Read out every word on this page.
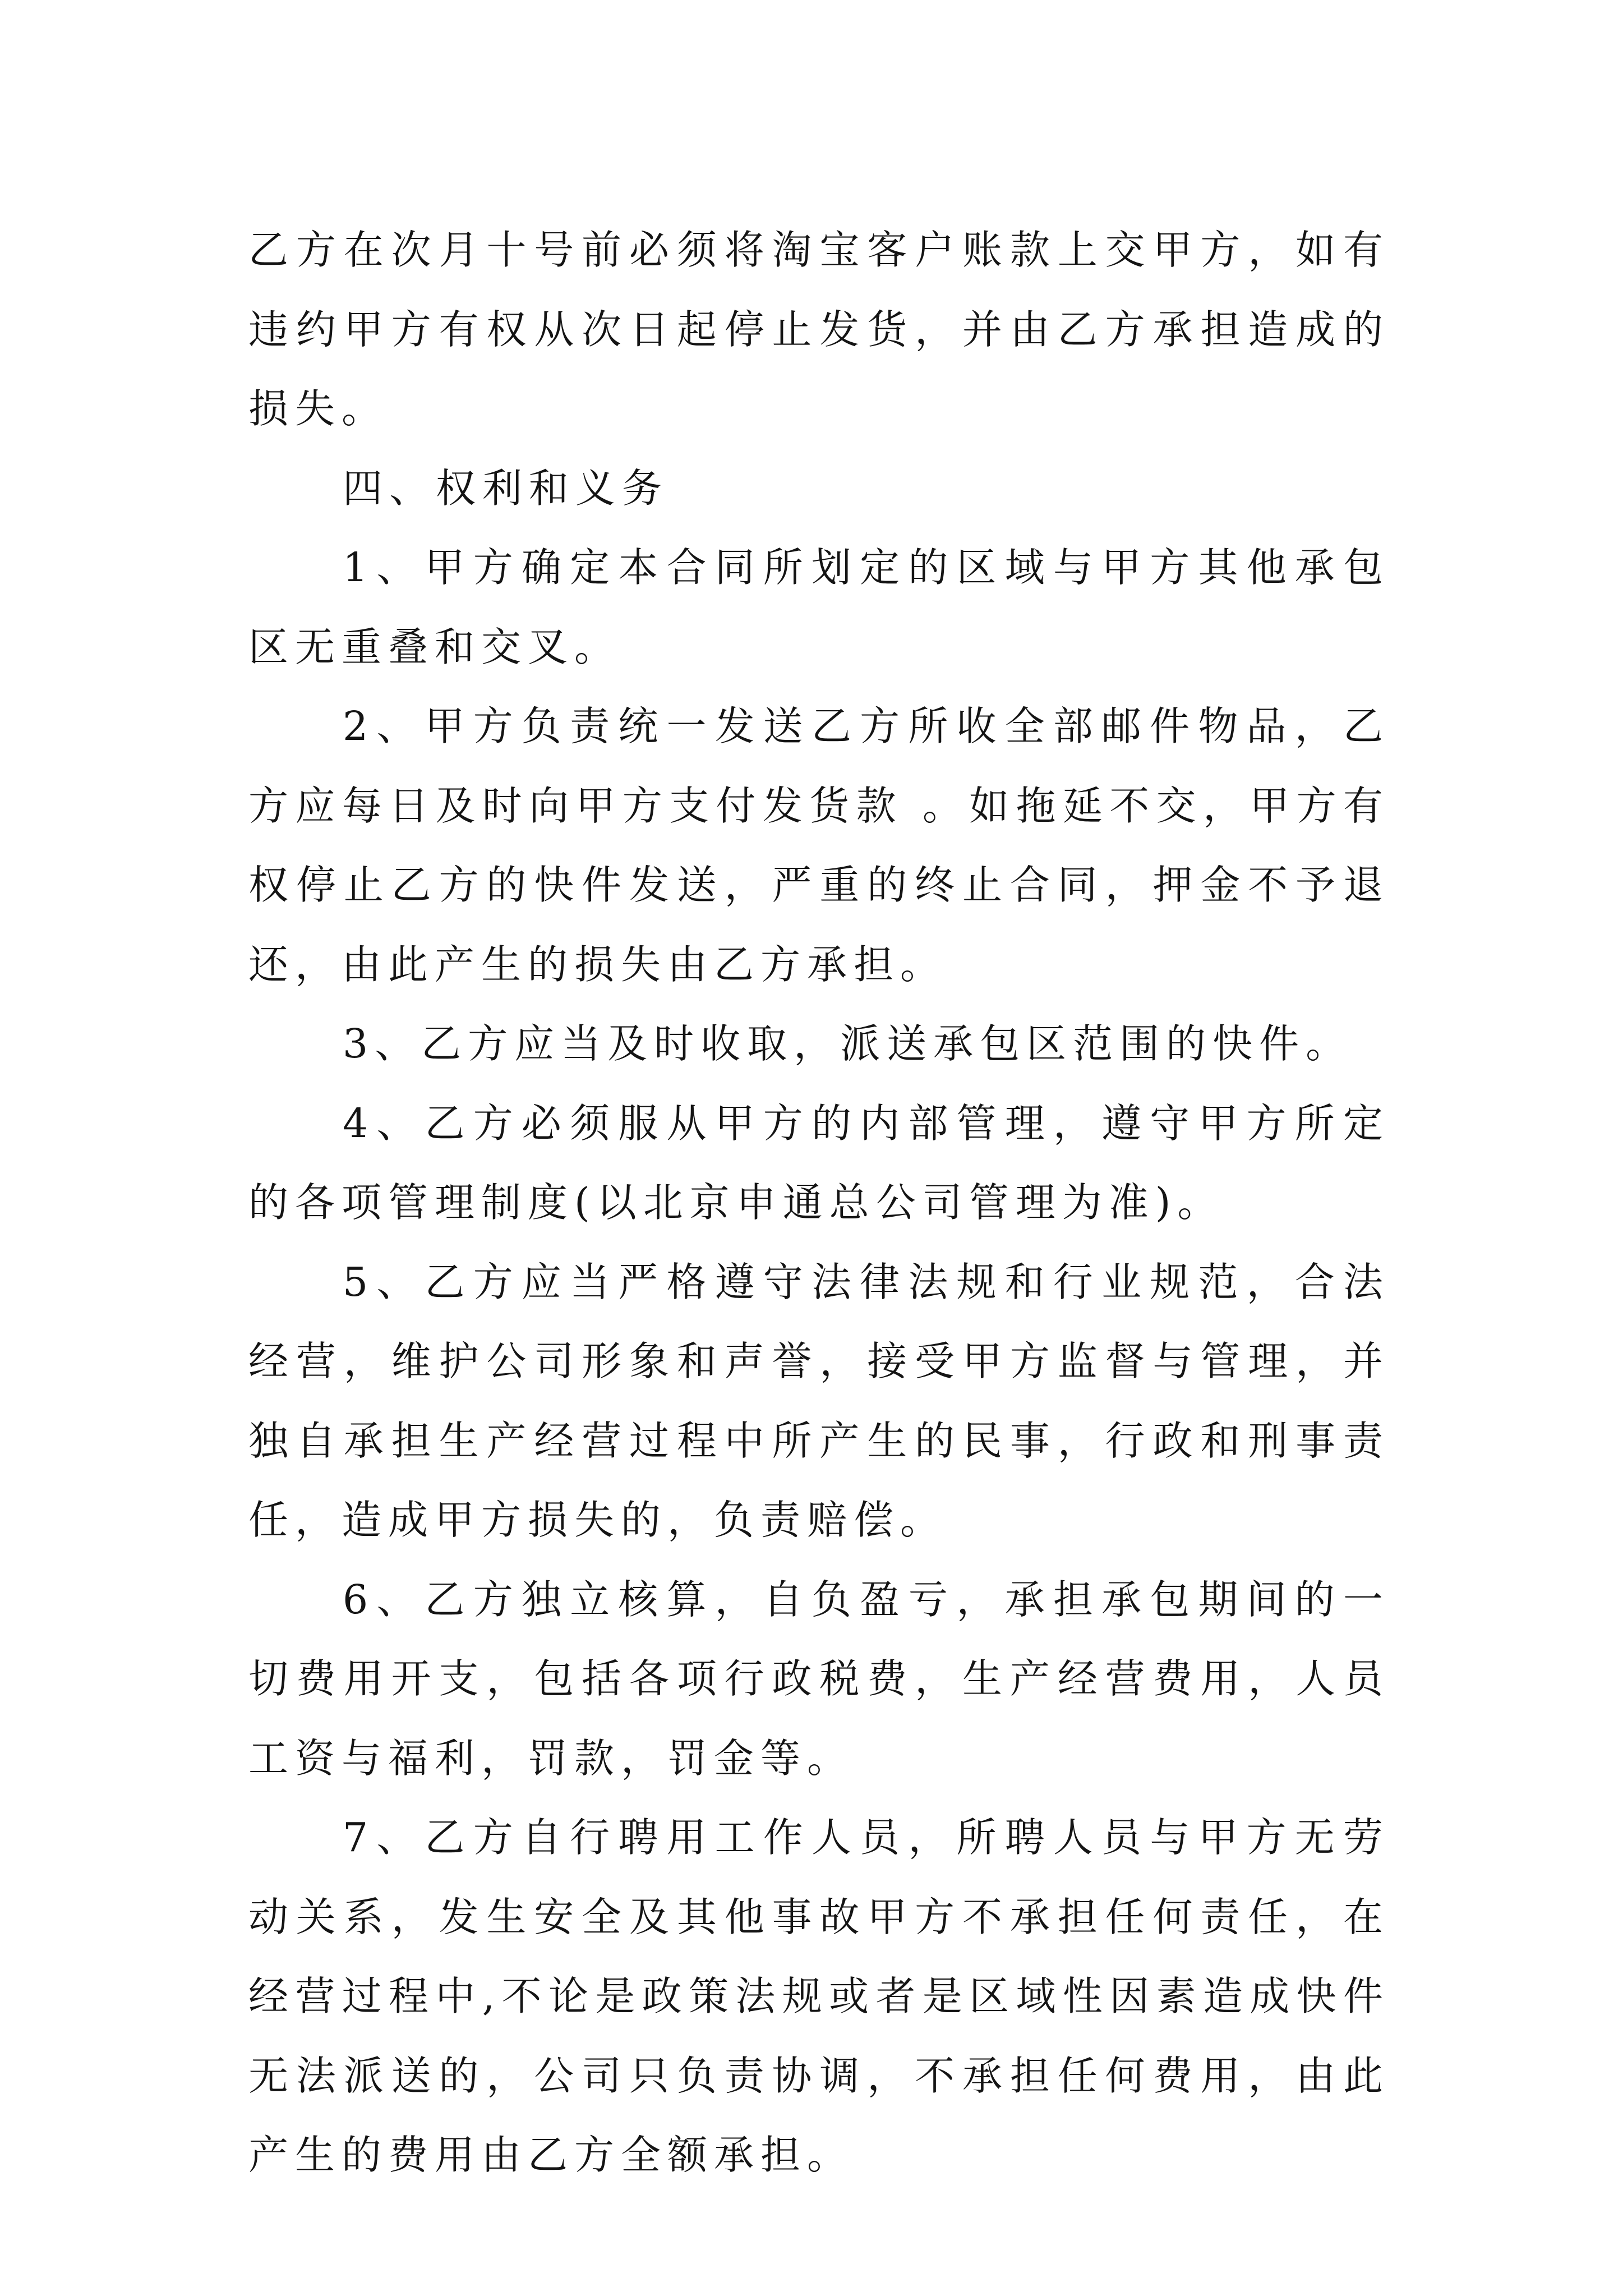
乙方在次月十号前必须将淘宝客户账款上交甲方，如有违约甲方有权从次日起停止发货，并由乙方承担造成的损失。

四、权利和义务

1、甲方确定本合同所划定的区域与甲方其他承包区无重叠和交叉。

2、甲方负责统一发送乙方所收全部邮件物品，乙方应每日及时向甲方支付发货款 。如拖延不交，甲方有权停止乙方的快件发送，严重的终止合同，押金不予退还，由此产生的损失由乙方承担。

3、乙方应当及时收取，派送承包区范围的快件。

4、乙方必须服从甲方的内部管理，遵守甲方所定的各项管理制度(以北京申通总公司管理为准)。

5、乙方应当严格遵守法律法规和行业规范，合法经营，维护公司形象和声誉，接受甲方监督与管理，并独自承担生产经营过程中所产生的民事，行政和刑事责任，造成甲方损失的，负责赔偿。

6、乙方独立核算，自负盈亏，承担承包期间的一切费用开支，包括各项行政税费，生产经营费用，人员工资与福利，罚款，罚金等。

7、乙方自行聘用工作人员，所聘人员与甲方无劳动关系，发生安全及其他事故甲方不承担任何责任，在经营过程中,不论是政策法规或者是区域性因素造成快件无法派送的，公司只负责协调，不承担任何费用，由此产生的费用由乙方全额承担。
